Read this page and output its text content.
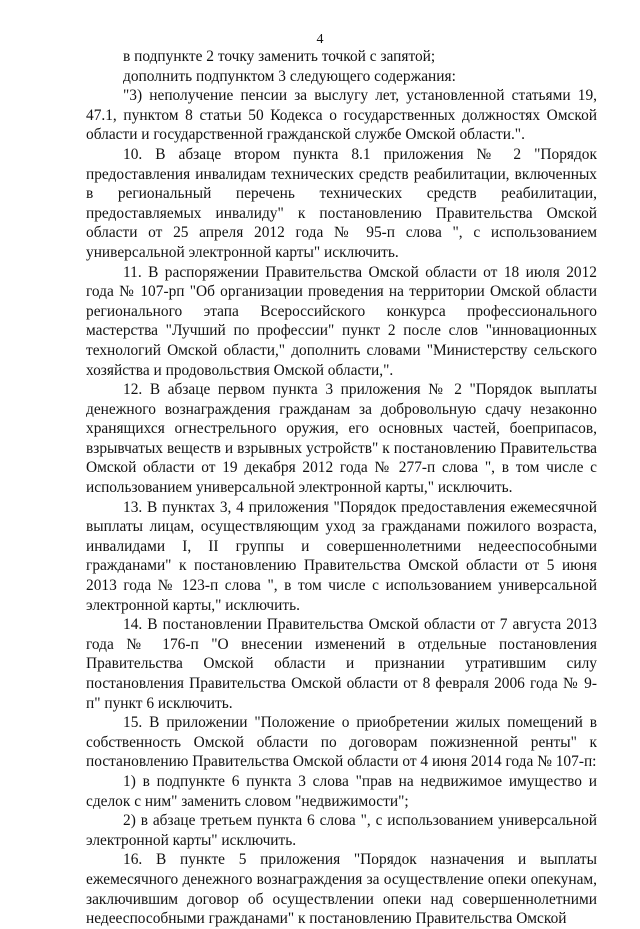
4

в подпункте 2 точку заменить точкой с запятой;

дополнить подпунктом 3 следующего содержания:

"3) неполучение пенсии за выслугу лет, установленной статьями 19, 47.1, пунктом 8 статьи 50 Кодекса о государственных должностях Омской области и государственной гражданской службе Омской области.".

10. В абзаце втором пункта 8.1 приложения № 2 "Порядок предоставления инвалидам технических средств реабилитации, включенных в региональный перечень технических средств реабилитации, предоставляемых инвалиду" к постановлению Правительства Омской области от 25 апреля 2012 года № 95-п слова ", с использованием универсальной электронной карты" исключить.

11. В распоряжении Правительства Омской области от 18 июля 2012 года № 107-рп "Об организации проведения на территории Омской области регионального этапа Всероссийского конкурса профессионального мастерства "Лучший по профессии" пункт 2 после слов "инновационных технологий Омской области," дополнить словами "Министерству сельского хозяйства и продовольствия Омской области,".

12. В абзаце первом пункта 3 приложения № 2 "Порядок выплаты денежного вознаграждения гражданам за добровольную сдачу незаконно хранящихся огнестрельного оружия, его основных частей, боеприпасов, взрывчатых веществ и взрывных устройств" к постановлению Правительства Омской области от 19 декабря 2012 года № 277-п слова ", в том числе с использованием универсальной электронной карты," исключить.

13. В пунктах 3, 4 приложения "Порядок предоставления ежемесячной выплаты лицам, осуществляющим уход за гражданами пожилого возраста, инвалидами I, II группы и совершеннолетними недееспособными гражданами" к постановлению Правительства Омской области от 5 июня 2013 года № 123-п слова ", в том числе с использованием универсальной электронной карты," исключить.

14. В постановлении Правительства Омской области от 7 августа 2013 года № 176-п "О внесении изменений в отдельные постановления Правительства Омской области и признании утратившим силу постановления Правительства Омской области от 8 февраля 2006 года № 9-п" пункт 6 исключить.

15. В приложении "Положение о приобретении жилых помещений в собственность Омской области по договорам пожизненной ренты" к постановлению Правительства Омской области от 4 июня 2014 года № 107-п:

1) в подпункте 6 пункта 3 слова "прав на недвижимое имущество и сделок с ним" заменить словом "недвижимости";

2) в абзаце третьем пункта 6 слова ", с использованием универсальной электронной карты" исключить.

16. В пункте 5 приложения "Порядок назначения и выплаты ежемесячного денежного вознаграждения за осуществление опеки опекунам, заключившим договор об осуществлении опеки над совершеннолетними недееспособными гражданами" к постановлению Правительства Омской
